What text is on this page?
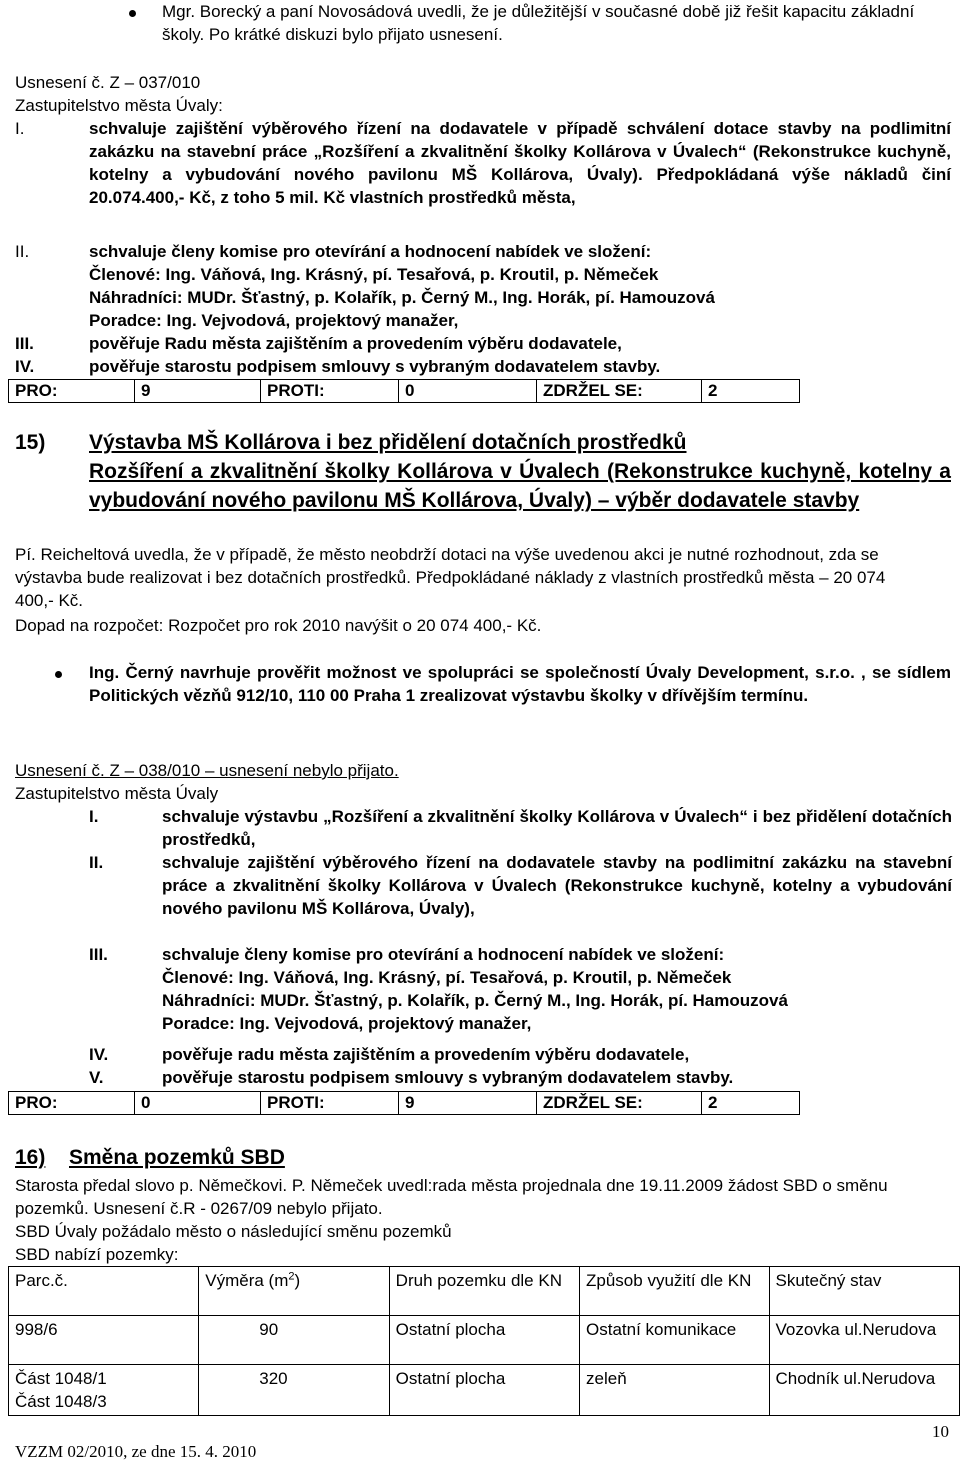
Mgr. Borecký a paní Novosádová uvedli, že je důležitější v současné době již řešit kapacitu základní školy. Po krátké diskuzi bylo přijato usnesení.
Usnesení č. Z – 037/010
Zastupitelstvo města Úvaly:
I.	schvaluje zajištění výběrového řízení na dodavatele v případě schválení dotace stavby na podlimitní zakázku na stavební práce „Rozšíření a zkvalitnění školky Kollárova v Úvalech“ (Rekonstrukce kuchyně, kotelny a vybudování nového pavilonu MŠ Kollárova, Úvaly). Předpokládaná výše nákladů činí 20.074.400,- Kč, z toho 5 mil. Kč vlastních prostředků města,
II.	schvaluje členy komise pro otevírání a hodnocení nabídek ve složení:
Členové: Ing. Váňová, Ing. Krásný, pí. Tesařová, p. Kroutil, p. Němeček
Náhradníci: MUDr. Šťastný, p. Kolařík, p. Černý M., Ing. Horák, pí. Hamouzová
Poradce: Ing. Vejvodová, projektový manažer,
III.	pověřuje Radu města zajištěním a provedením výběru dodavatele,
IV.	pověřuje starostu podpisem smlouvy s vybraným dodavatelem stavby.
PRO:	9	PROTI:	0	ZDRŽEL SE:	2
15) Výstavba MŠ Kollárova i bez přidělení dotačních prostředků
Rozšíření a zkvalitnění školky Kollárova v Úvalech (Rekonstrukce kuchyně, kotelny a vybudování nového pavilonu MŠ Kollárova, Úvaly) – výběr dodavatele stavby
Pí. Reicheltová uvedla, že v případě, že město neobdrží dotaci na výše uvedenou akci je nutné rozhodnout, zda se výstavba bude realizovat i bez dotačních prostředků. Předpokládané náklady z vlastních prostředků města – 20 074 400,- Kč.
Dopad na rozpočet: Rozpočet pro rok 2010 navýšit o 20 074 400,- Kč.
Ing. Černý navrhuje prověřit možnost ve spolupráci se společností Úvaly Development, s.r.o. , se sídlem Politických vězňů 912/10, 110 00 Praha 1 zrealizovat výstavbu školky v dřívějším termínu.
Usnesení č. Z – 038/010 – usnesení nebylo přijato.
Zastupitelstvo města Úvaly
I.	schvaluje výstavbu „Rozšíření a zkvalitnění školky Kollárova v Úvalech“ i bez přidělení dotačních prostředků,
II.	schvaluje zajištění výběrového řízení na dodavatele stavby na podlimitní zakázku na stavební práce a zkvalitnění školky Kollárova v Úvalech (Rekonstrukce kuchyně, kotelny a vybudování nového pavilonu MŠ Kollárova, Úvaly),
III.	schvaluje členy komise pro otevírání a hodnocení nabídek ve složení:
Členové: Ing. Váňová, Ing. Krásný, pí. Tesařová, p. Kroutil, p. Němeček
Náhradníci: MUDr. Šťastný, p. Kolařík, p. Černý M., Ing. Horák, pí. Hamouzová
Poradce: Ing. Vejvodová, projektový manažer,
IV.	pověřuje radu města zajištěním a provedením výběru dodavatele,
V.	pověřuje starostu podpisem smlouvy s vybraným dodavatelem stavby.
PRO:	0	PROTI:	9	ZDRŽEL SE:	2
16) Směna pozemků SBD
Starosta předal slovo p. Němečkovi. P. Němeček uvedl:rada města projednala dne 19.11.2009 žádost SBD o směnu pozemků. Usnesení č.R - 0267/09 nebylo přijato.
SBD Úvaly požádalo město o následující směnu pozemků
SBD nabízí pozemky:
Parc.č.	Výměra $(m^2)$	Druh pozemku dle KN	Způsob využití dle KN	Skutečný stav
998/6	90	Ostatní plocha	Ostatní komunikace	Vozovka ul.Nerudova
Část 1048/1
Část 1048/3	320	Ostatní plocha	zeleň	Chodník ul.Nerudova
VZZM 02/2010, ze dne 15. 4. 2010
10
